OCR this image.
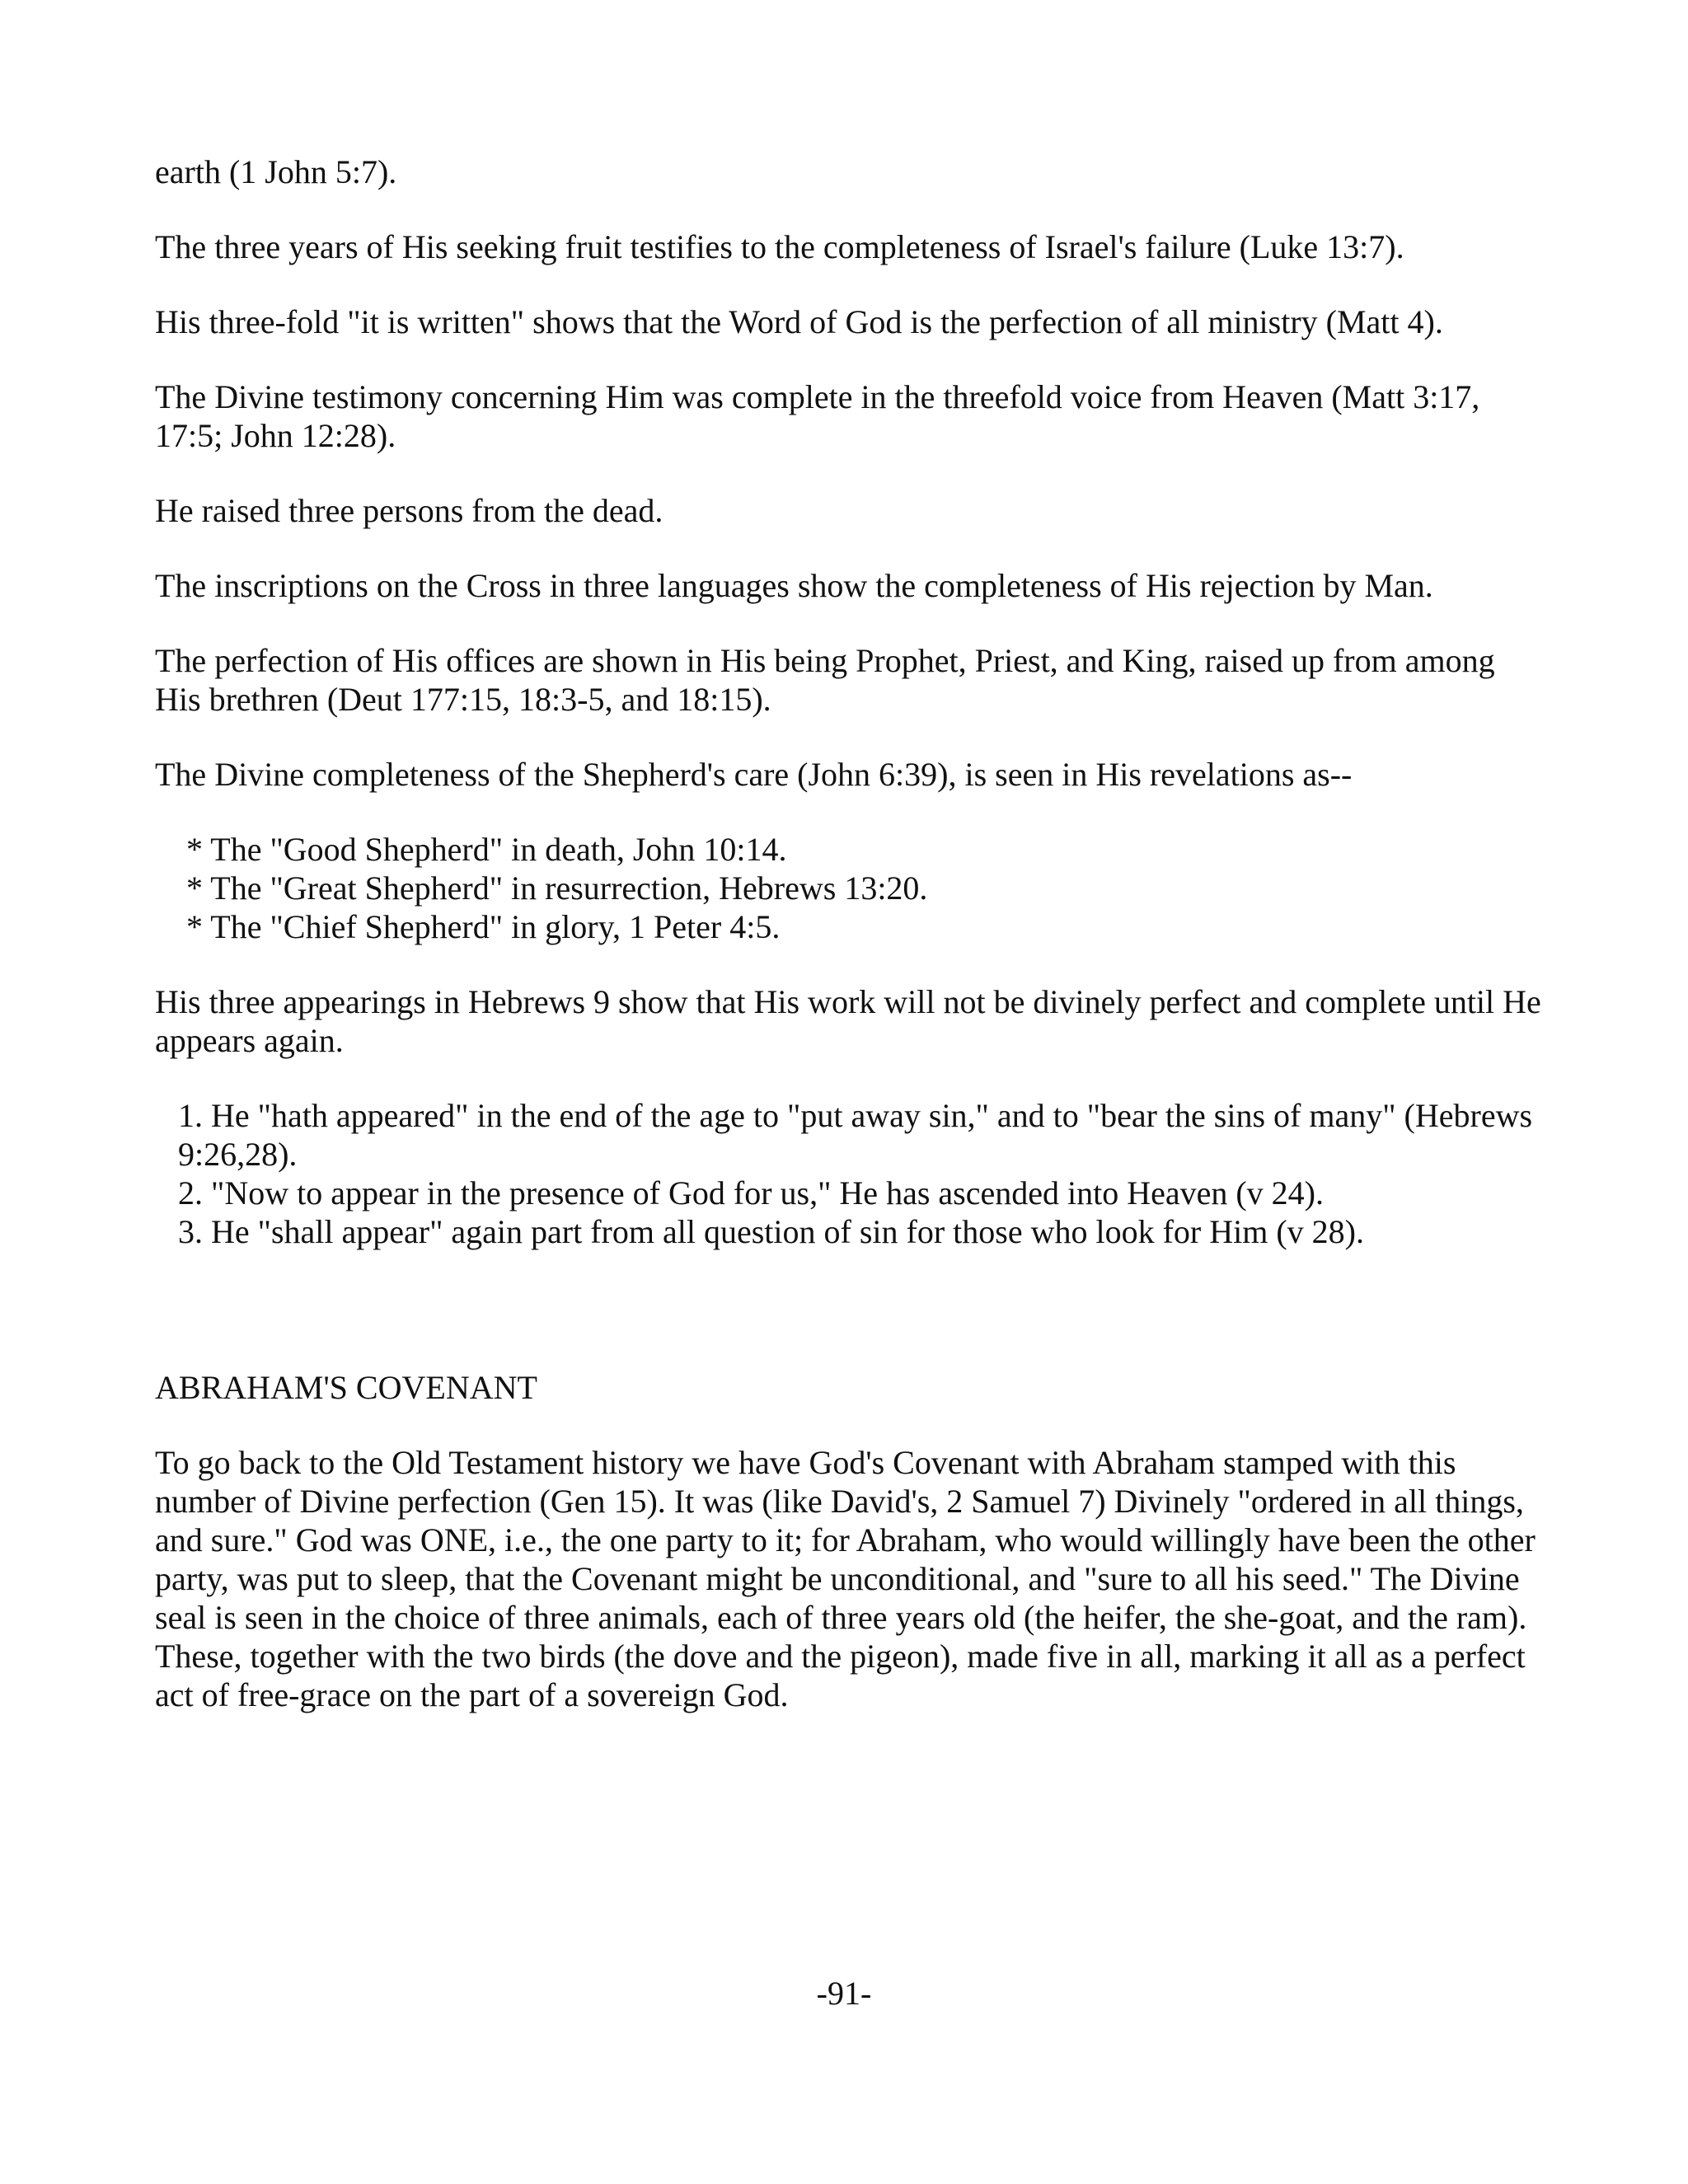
earth (1 John 5:7).

The three years of His seeking fruit testifies to the completeness of Israel's failure (Luke 13:7).

His three-fold "it is written" shows that the Word of God is the perfection of all ministry (Matt 4).

The Divine testimony concerning Him was complete in the threefold voice from Heaven (Matt 3:17, 17:5; John 12:28).

He raised three persons from the dead.

The inscriptions on the Cross in three languages show the completeness of His rejection by Man.

The perfection of His offices are shown in His being Prophet, Priest, and King, raised up from among His brethren (Deut 177:15, 18:3-5, and 18:15).

The Divine completeness of the Shepherd's care (John 6:39), is seen in His revelations as--

* The "Good Shepherd" in death, John 10:14.
* The "Great Shepherd" in resurrection, Hebrews 13:20.
* The "Chief Shepherd" in glory, 1 Peter 4:5.

His three appearings in Hebrews 9 show that His work will not be divinely perfect and complete until He appears again.

1. He "hath appeared" in the end of the age to "put away sin," and to "bear the sins of many" (Hebrews 9:26,28).
2. "Now to appear in the presence of God for us," He has ascended into Heaven (v 24).
3. He "shall appear" again part from all question of sin for those who look for Him (v 28).

ABRAHAM'S COVENANT

To go back to the Old Testament history we have God's Covenant with Abraham stamped with this number of Divine perfection (Gen 15). It was (like David's, 2 Samuel 7) Divinely "ordered in all things, and sure." God was ONE, i.e., the one party to it; for Abraham, who would willingly have been the other party, was put to sleep, that the Covenant might be unconditional, and "sure to all his seed." The Divine seal is seen in the choice of three animals, each of three years old (the heifer, the she-goat, and the ram). These, together with the two birds (the dove and the pigeon), made five in all, marking it all as a perfect act of free-grace on the part of a sovereign God.

-91-
